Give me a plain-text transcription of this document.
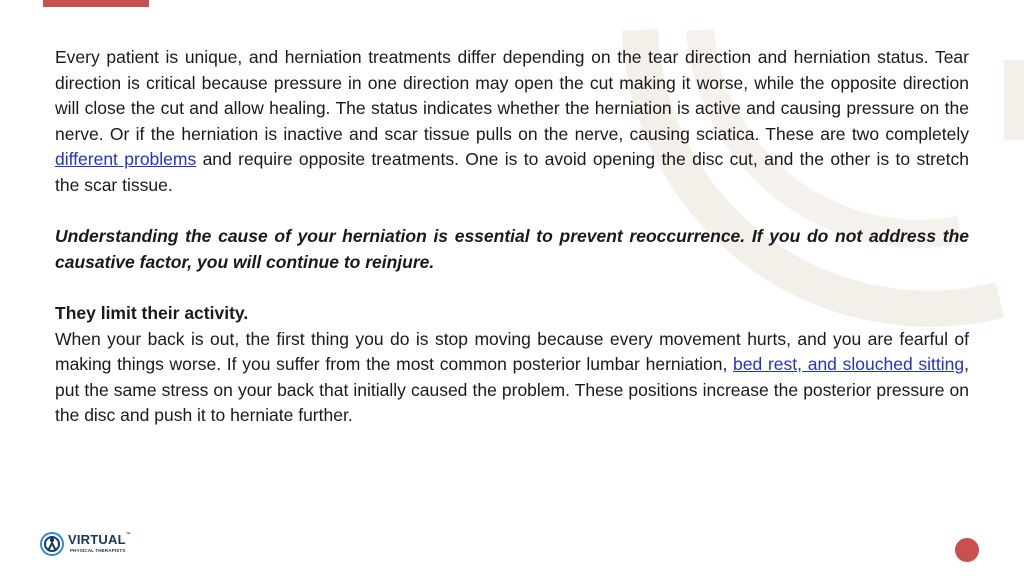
Every patient is unique, and herniation treatments differ depending on the tear direction and herniation status. Tear direction is critical because pressure in one direction may open the cut making it worse, while the opposite direction will close the cut and allow healing. The status indicates whether the herniation is active and causing pressure on the nerve. Or if the herniation is inactive and scar tissue pulls on the nerve, causing sciatica. These are two completely different problems and require opposite treatments. One is to avoid opening the disc cut, and the other is to stretch the scar tissue.

Understanding the cause of your herniation is essential to prevent reoccurrence. If you do not address the causative factor, you will continue to reinjure.

They limit their activity.

When your back is out, the first thing you do is stop moving because every movement hurts, and you are fearful of making things worse. If you suffer from the most common posterior lumbar herniation, bed rest, and slouched sitting, put the same stress on your back that initially caused the problem. These positions increase the posterior pressure on the disc and push it to herniate further.

VIRTUAL™
PHYSICAL THERAPISTS
